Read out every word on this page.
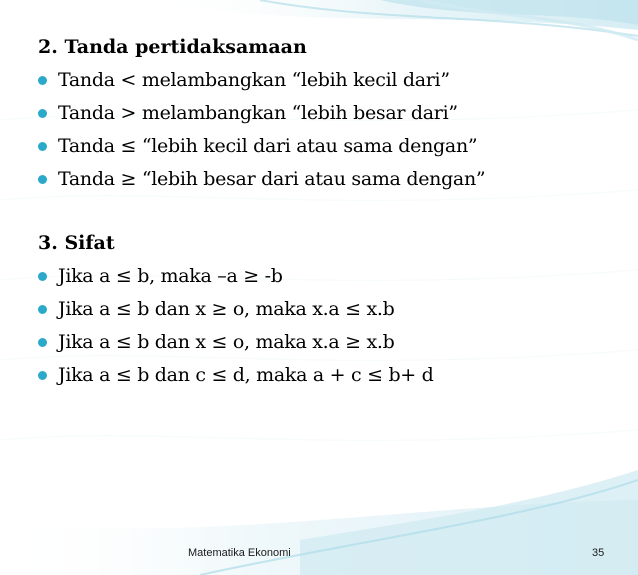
2. Tanda pertidaksamaan
Tanda < melambangkan “lebih kecil dari”
Tanda > melambangkan “lebih besar dari”
Tanda ≤ “lebih kecil dari atau sama dengan”
Tanda ≥ “lebih besar dari atau sama dengan”
3. Sifat
Jika a ≤ b, maka –a ≥ -b
Jika a ≤ b dan x ≥ o, maka x.a ≤ x.b
Jika a ≤ b dan x ≤ o, maka x.a ≥ x.b
Jika a ≤ b dan c ≤ d, maka a + c ≤ b+ d
Matematika Ekonomi	35
